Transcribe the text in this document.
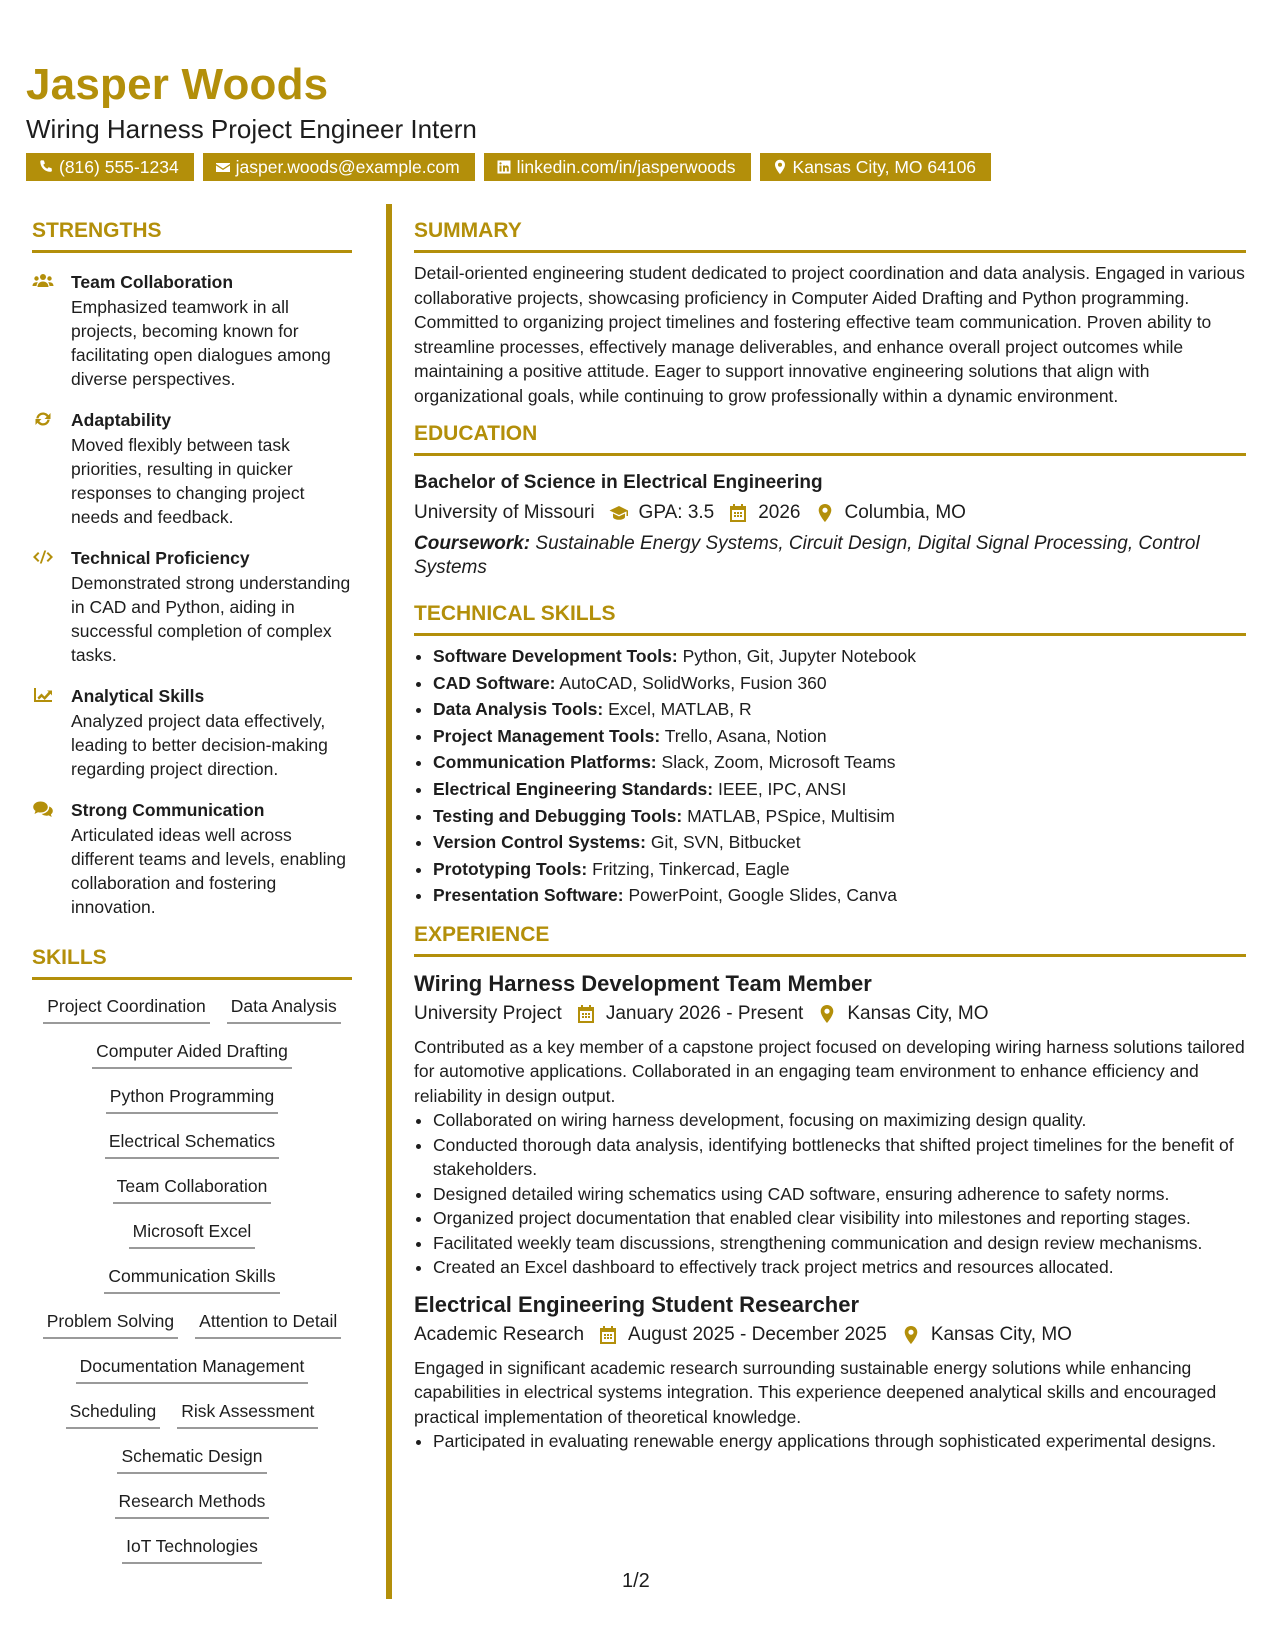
Jasper Woods
Wiring Harness Project Engineer Intern
(816) 555-1234	jasper.woods@example.com	linkedin.com/in/jasperwoods	Kansas City, MO 64106
STRENGTHS
Team Collaboration
Emphasized teamwork in all projects, becoming known for facilitating open dialogues among diverse perspectives.
Adaptability
Moved flexibly between task priorities, resulting in quicker responses to changing project needs and feedback.
Technical Proficiency
Demonstrated strong understanding in CAD and Python, aiding in successful completion of complex tasks.
Analytical Skills
Analyzed project data effectively, leading to better decision-making regarding project direction.
Strong Communication
Articulated ideas well across different teams and levels, enabling collaboration and fostering innovation.
SKILLS
Project Coordination Data Analysis
Computer Aided Drafting
Python Programming
Electrical Schematics
Team Collaboration
Microsoft Excel
Communication Skills
Problem Solving Attention to Detail
Documentation Management
Scheduling Risk Assessment
Schematic Design
Research Methods
IoT Technologies
SUMMARY

Detail-oriented engineering student dedicated to project coordination and data analysis. Engaged in various collaborative projects, showcasing proficiency in Computer Aided Drafting and Python programming. Committed to organizing project timelines and fostering effective team communication. Proven ability to streamline processes, effectively manage deliverables, and enhance overall project outcomes while maintaining a positive attitude. Eager to support innovative engineering solutions that align with organizational goals, while continuing to grow professionally within a dynamic environment.

EDUCATION
Bachelor of Science in Electrical Engineering
University of Missouri GPA: 3.5 2026 Columbia, MO
Coursework: Sustainable Energy Systems, Circuit Design, Digital Signal Processing, Control Systems
TECHNICAL SKILLS
• Software Development Tools: Python, Git, Jupyter Notebook
• CAD Software: AutoCAD, SolidWorks, Fusion 360
• Data Analysis Tools: Excel, MATLAB, R
• Project Management Tools: Trello, Asana, Notion
• Communication Platforms: Slack, Zoom, Microsoft Teams
• Electrical Engineering Standards: IEEE, IPC, ANSI
• Testing and Debugging Tools: MATLAB, PSpice, Multisim
• Version Control Systems: Git, SVN, Bitbucket
• Prototyping Tools: Fritzing, Tinkercad, Eagle
• Presentation Software: PowerPoint, Google Slides, Canva
EXPERIENCE
Wiring Harness Development Team Member
University Project January 2026 - Present Kansas City, MO

Contributed as a key member of a capstone project focused on developing wiring harness solutions tailored for automotive applications. Collaborated in an engaging team environment to enhance efficiency and reliability in design output.

• Collaborated on wiring harness development, focusing on maximizing design quality.
• Conducted thorough data analysis, identifying bottlenecks that shifted project timelines for the benefit of stakeholders.
• Designed detailed wiring schematics using CAD software, ensuring adherence to safety norms.
• Organized project documentation that enabled clear visibility into milestones and reporting stages.
• Facilitated weekly team discussions, strengthening communication and design review mechanisms.
• Created an Excel dashboard to effectively track project metrics and resources allocated.
Electrical Engineering Student Researcher
Academic Research August 2025 - December 2025 Kansas City, MO

Engaged in significant academic research surrounding sustainable energy solutions while enhancing capabilities in electrical systems integration. This experience deepened analytical skills and encouraged practical implementation of theoretical knowledge.

• Participated in evaluating renewable energy applications through sophisticated experimental designs.
1/2
